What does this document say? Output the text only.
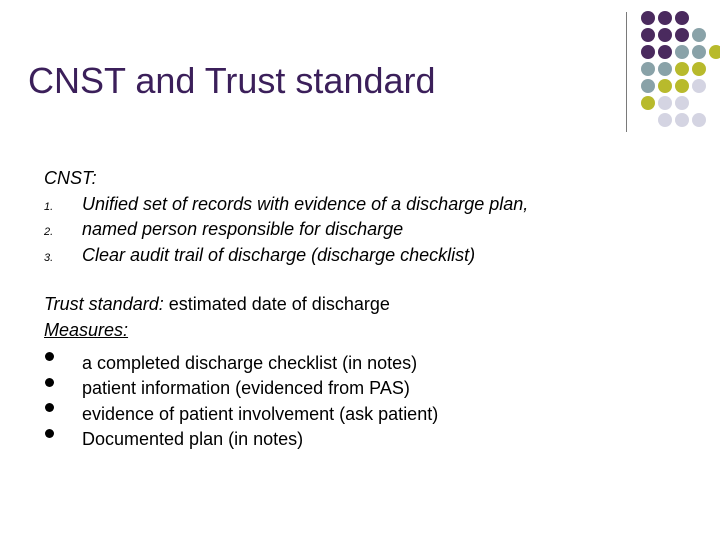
CNST and Trust standard
CNST:
1.	Unified set of records with evidence of a discharge plan,
2.	named person responsible for discharge
3.	Clear audit trail of discharge (discharge checklist)
Trust standard: estimated date of discharge
Measures:
a completed discharge checklist (in notes)
patient information (evidenced from PAS)
evidence of patient involvement (ask patient)
Documented plan (in notes)
